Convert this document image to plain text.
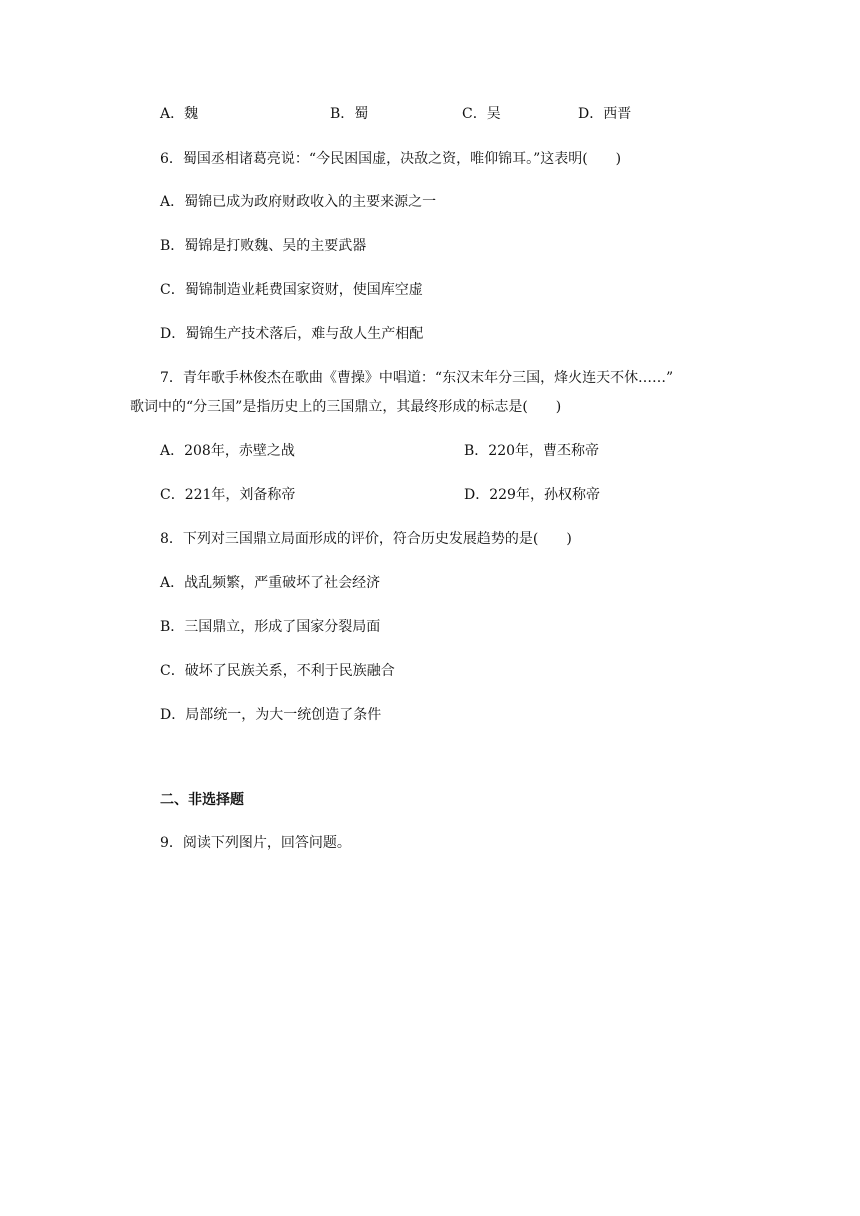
A．魏	B．蜀	C．吴	D．西晋
6．蜀国丞相诸葛亮说：“今民困国虚，决敌之资，唯仰锦耳。”这表明(　　)
A．蜀锦已成为政府财政收入的主要来源之一
B．蜀锦是打败魏、吴的主要武器
C．蜀锦制造业耗费国家资财，使国库空虚
D．蜀锦生产技术落后，难与敌人生产相配
7．青年歌手林俊杰在歌曲《曹操》中唱道：“东汉末年分三国，烽火连天不休……”
歌词中的“分三国”是指历史上的三国鼎立，其最终形成的标志是(　　)
A．208年，赤壁之战	B．220年，曹丕称帝
C．221年，刘备称帝	D．229年，孙权称帝
8．下列对三国鼎立局面形成的评价，符合历史发展趋势的是(　　)
A．战乱频繁，严重破坏了社会经济
B．三国鼎立，形成了国家分裂局面
C．破坏了民族关系，不利于民族融合
D．局部统一，为大一统创造了条件
二、非选择题
9．阅读下列图片，回答问题。
